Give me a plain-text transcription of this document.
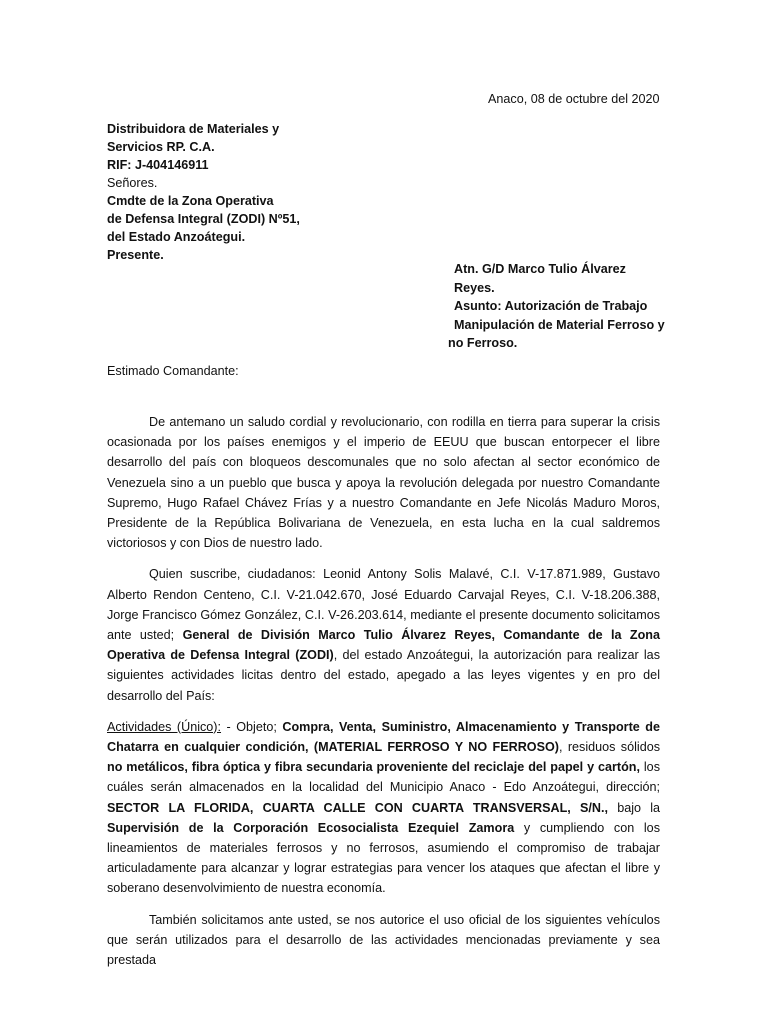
Anaco, 08 de octubre del 2020
Distribuidora de Materiales y
Servicios RP. C.A.
RIF: J-404146911
Señores.
Cmdte de la Zona Operativa
de Defensa Integral (ZODI) Nº51,
del Estado Anzoátegui.
Presente.
Atn. G/D Marco Tulio Álvarez
Reyes.
Asunto: Autorización de Trabajo
Manipulación de Material Ferroso y
no Ferroso.
Estimado Comandante:

De antemano un saludo cordial y revolucionario, con rodilla en tierra para superar la crisis ocasionada por los países enemigos y el imperio de EEUU que buscan entorpecer el libre desarrollo del país con bloqueos descomunales que no solo afectan al sector económico de Venezuela sino a un pueblo que busca y apoya la revolución delegada por nuestro Comandante Supremo, Hugo Rafael Chávez Frías y a nuestro Comandante en Jefe Nicolás Maduro Moros, Presidente de la República Bolivariana de Venezuela, en esta lucha en la cual saldremos victoriosos y con Dios de nuestro lado.

Quien suscribe, ciudadanos: Leonid Antony Solis Malavé, C.I. V-17.871.989, Gustavo Alberto Rendon Centeno, C.I. V-21.042.670, José Eduardo Carvajal Reyes, C.I. V-18.206.388, Jorge Francisco Gómez González, C.I. V-26.203.614, mediante el presente documento solicitamos ante usted; General de División Marco Tulio Álvarez Reyes, Comandante de la Zona Operativa de Defensa Integral (ZODI), del estado Anzoátegui, la autorización para realizar las siguientes actividades licitas dentro del estado, apegado a las leyes vigentes y en pro del desarrollo del País:

Actividades (Único): - Objeto; Compra, Venta, Suministro, Almacenamiento y Transporte de Chatarra en cualquier condición, (MATERIAL FERROSO Y NO FERROSO), residuos sólidos no metálicos, fibra óptica y fibra secundaria proveniente del reciclaje del papel y cartón, los cuáles serán almacenados en la localidad del Municipio Anaco - Edo Anzoátegui, dirección; SECTOR LA FLORIDA, CUARTA CALLE CON CUARTA TRANSVERSAL, S/N., bajo la Supervisión de la Corporación Ecosocialista Ezequiel Zamora y cumpliendo con los lineamientos de materiales ferrosos y no ferrosos, asumiendo el compromiso de trabajar articuladamente para alcanzar y lograr estrategias para vencer los ataques que afectan el libre y soberano desenvolvimiento de nuestra economía.

También solicitamos ante usted, se nos autorice el uso oficial de los siguientes vehículos que serán utilizados para el desarrollo de las actividades mencionadas previamente y sea prestada
